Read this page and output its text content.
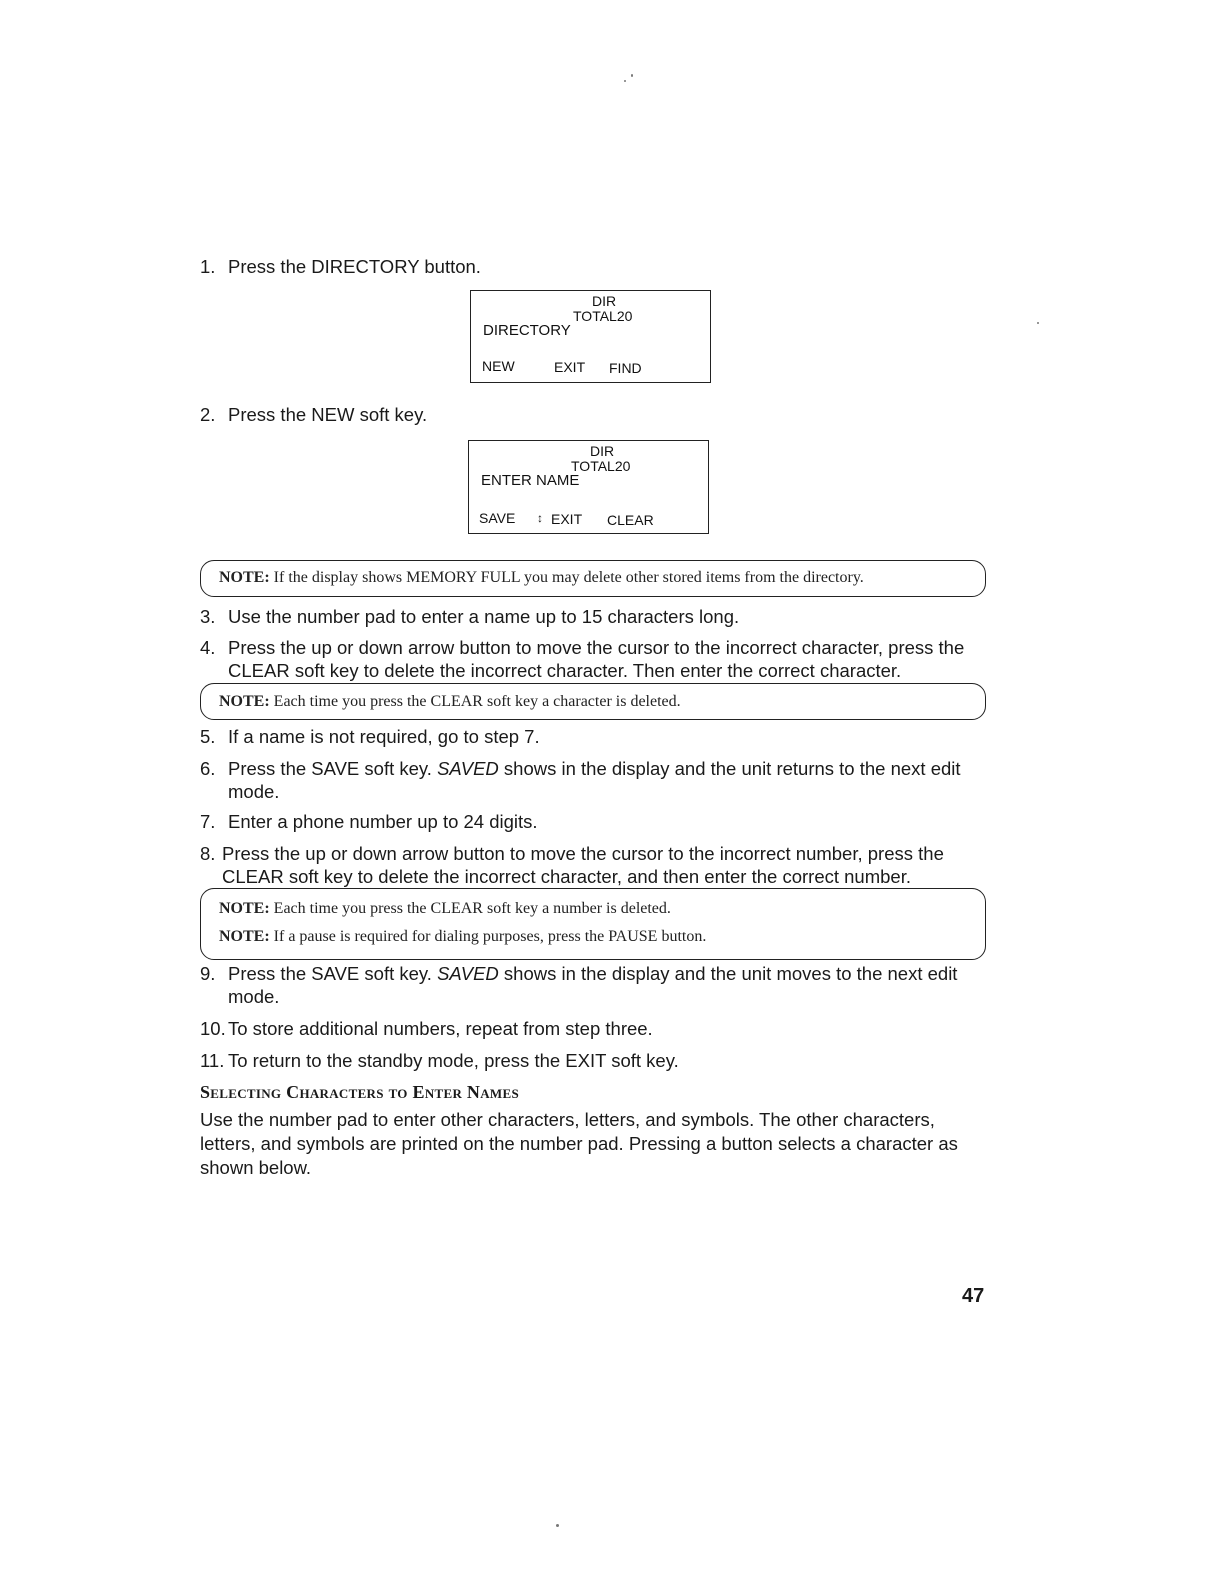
1. Press the DIRECTORY button.
DIR
TOTAL20
DIRECTORY
NEW	EXIT FIND
2. Press the NEW soft key.
DIR
TOTAL20
ENTER NAME
SAVE ↕ EXIT CLEAR
NOTE: If the display shows MEMORY FULL you may delete other stored items from the directory.
3. Use the number pad to enter a name up to 15 characters long.
4. Press the up or down arrow button to move the cursor to the incorrect character, press the CLEAR soft key to delete the incorrect character. Then enter the correct character.
NOTE: Each time you press the CLEAR soft key a character is deleted.
5. If a name is not required, go to step 7.
6. Press the SAVE soft key. SAVED shows in the display and the unit returns to the next edit mode.
7. Enter a phone number up to 24 digits.
8. Press the up or down arrow button to move the cursor to the incorrect number, press the CLEAR soft key to delete the incorrect character, and then enter the correct number.
NOTE: Each time you press the CLEAR soft key a number is deleted.
NOTE: If a pause is required for dialing purposes, press the PAUSE button.
9. Press the SAVE soft key. SAVED shows in the display and the unit moves to the next edit mode.
10. To store additional numbers, repeat from step three.
11. To return to the standby mode, press the EXIT soft key.
Selecting Characters to Enter Names
Use the number pad to enter other characters, letters, and symbols. The other characters, letters, and symbols are printed on the number pad. Pressing a button selects a character as shown below.
47
